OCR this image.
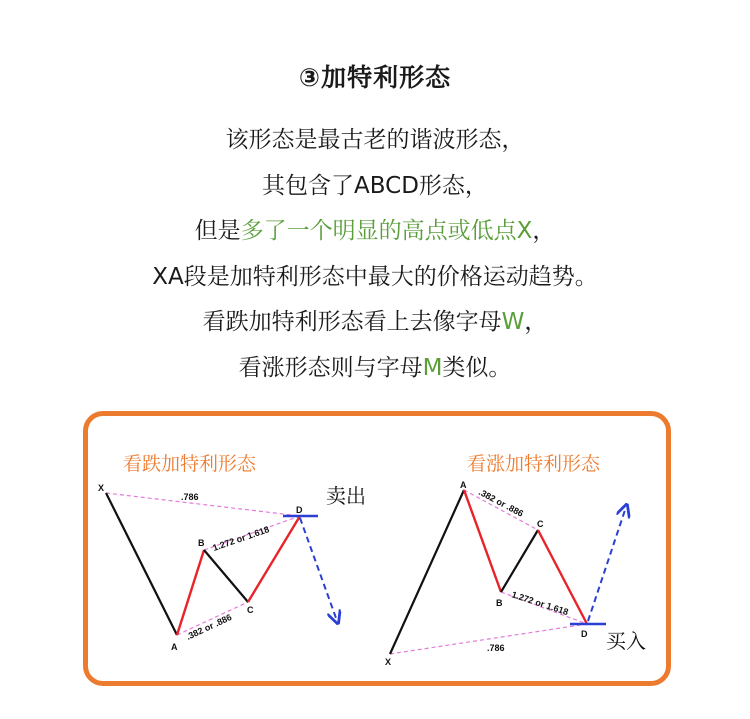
③加特利形态
该形态是最古老的谐波形态，
其包含了ABCD形态，
但是多了一个明显的高点或低点X，
XA段是加特利形态中最大的价格运动趋势。
看跌加特利形态看上去像字母W，
看涨形态则与字母M类似。
看跌加特利形态
卖出
X
A
B
C
D
.786
1.272 or 1.618
.382 or .886
看涨加特利形态
买入
X
A
B
C
D
.382 or .886
1.272 or 1.618
.786
